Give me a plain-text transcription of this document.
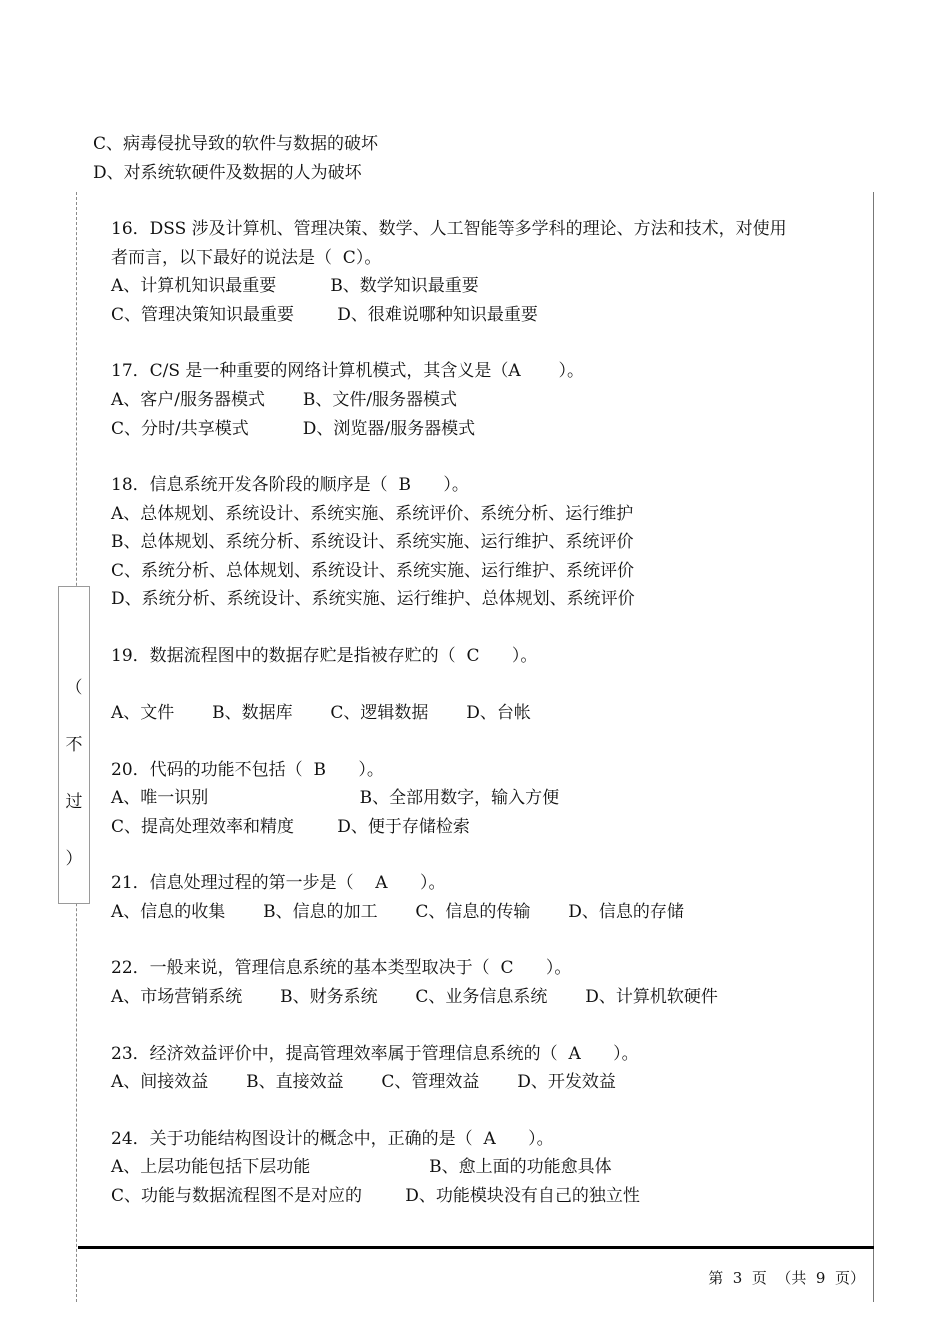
（
不
过
）
C、病毒侵扰导致的软件与数据的破坏
D、对系统软硬件及数据的人为破坏
16．DSS 涉及计算机、管理决策、数学、人工智能等多学科的理论、方法和技术，对使用
者而言，以下最好的说法是（  C）。
A、计算机知识最重要          B、数学知识最重要
C、管理决策知识最重要        D、很难说哪种知识最重要
17．C/S 是一种重要的网络计算机模式，其含义是（A       ）。
A、客户/服务器模式       B、文件/服务器模式
C、分时/共享模式          D、浏览器/服务器模式
18．信息系统开发各阶段的顺序是（  B      ）。
A、总体规划、系统设计、系统实施、系统评价、系统分析、运行维护
B、总体规划、系统分析、系统设计、系统实施、运行维护、系统评价
C、系统分析、总体规划、系统设计、系统实施、运行维护、系统评价
D、系统分析、系统设计、系统实施、运行维护、总体规划、系统评价
19．数据流程图中的数据存贮是指被存贮的（  C      ）。
A、文件       B、数据库       C、逻辑数据       D、台帐
20．代码的功能不包括（  B      ）。
A、唯一识别                            B、全部用数字，输入方便
C、提高处理效率和精度        D、便于存储检索
21．信息处理过程的第一步是（    A      ）。
A、信息的收集       B、信息的加工       C、信息的传输       D、信息的存储
22．一般来说，管理信息系统的基本类型取决于（  C      ）。
A、市场营销系统       B、财务系统       C、业务信息系统       D、计算机软硬件
23．经济效益评价中，提高管理效率属于管理信息系统的（  A      ）。
A、间接效益       B、直接效益       C、管理效益       D、开发效益
24．关于功能结构图设计的概念中，正确的是（  A      ）。
A、上层功能包括下层功能                      B、愈上面的功能愈具体
C、功能与数据流程图不是对应的        D、功能模块没有自己的独立性
第  3  页  （共  9  页）
